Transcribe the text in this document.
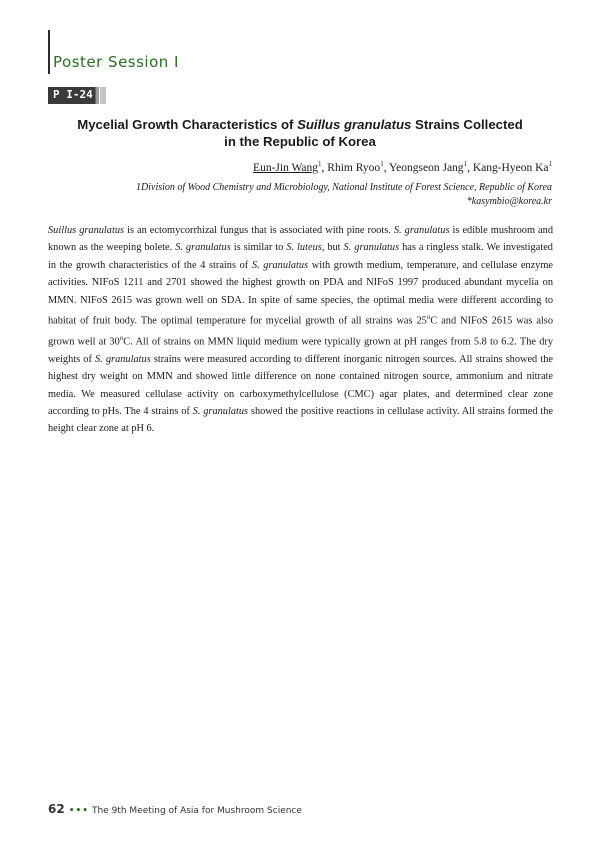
Poster Session I
P I-24
Mycelial Growth Characteristics of Suillus granulatus Strains Collected
in the Republic of Korea
Eun-Jin Wang$^1$, Rhim Ryoo$^1$, Yeongseon Jang$^1$, Kang-Hyeon Ka$^1$
1Division of Wood Chemistry and Microbiology, National Institute of Forest Science, Republic of Korea
*kasymbio@korea.kr
Suillus granulatus is an ectomycorrhizal fungus that is associated with pine roots. S. granulatus is edible mushroom and known as the weeping bolete. S. granulatus is similar to S. luteus, but S. granulatus has a ringless stalk. We investigated in the growth characteristics of the 4 strains of S. granulatus with growth medium, temperature, and cellulase enzyme activities. NIFoS 1211 and 2701 showed the highest growth on PDA and NIFoS 1997 produced abundant mycelia on MMN. NIFoS 2615 was grown well on SDA. In spite of same species, the optimal media were different according to habitat of fruit body. The optimal temperature for mycelial growth of all strains was 25$^o$C and NIFoS 2615 was also grown well at 30$^o$C. All of strains on MMN liquid medium were typically grown at pH ranges from 5.8 to 6.2. The dry weights of S. granulatus strains were measured according to different inorganic nitrogen sources. All strains showed the highest dry weight on MMN and showed little difference on none contained nitrogen source, ammonium and nitrate media. We measured cellulase activity on carboxymethylcellulose (CMC) agar plates, and determined clear zone according to pHs. The 4 strains of S. granulatus showed the positive reactions in cellulase activity. All strains formed the height clear zone at pH 6.
62 ••• The 9th Meeting of Asia for Mushroom Science
